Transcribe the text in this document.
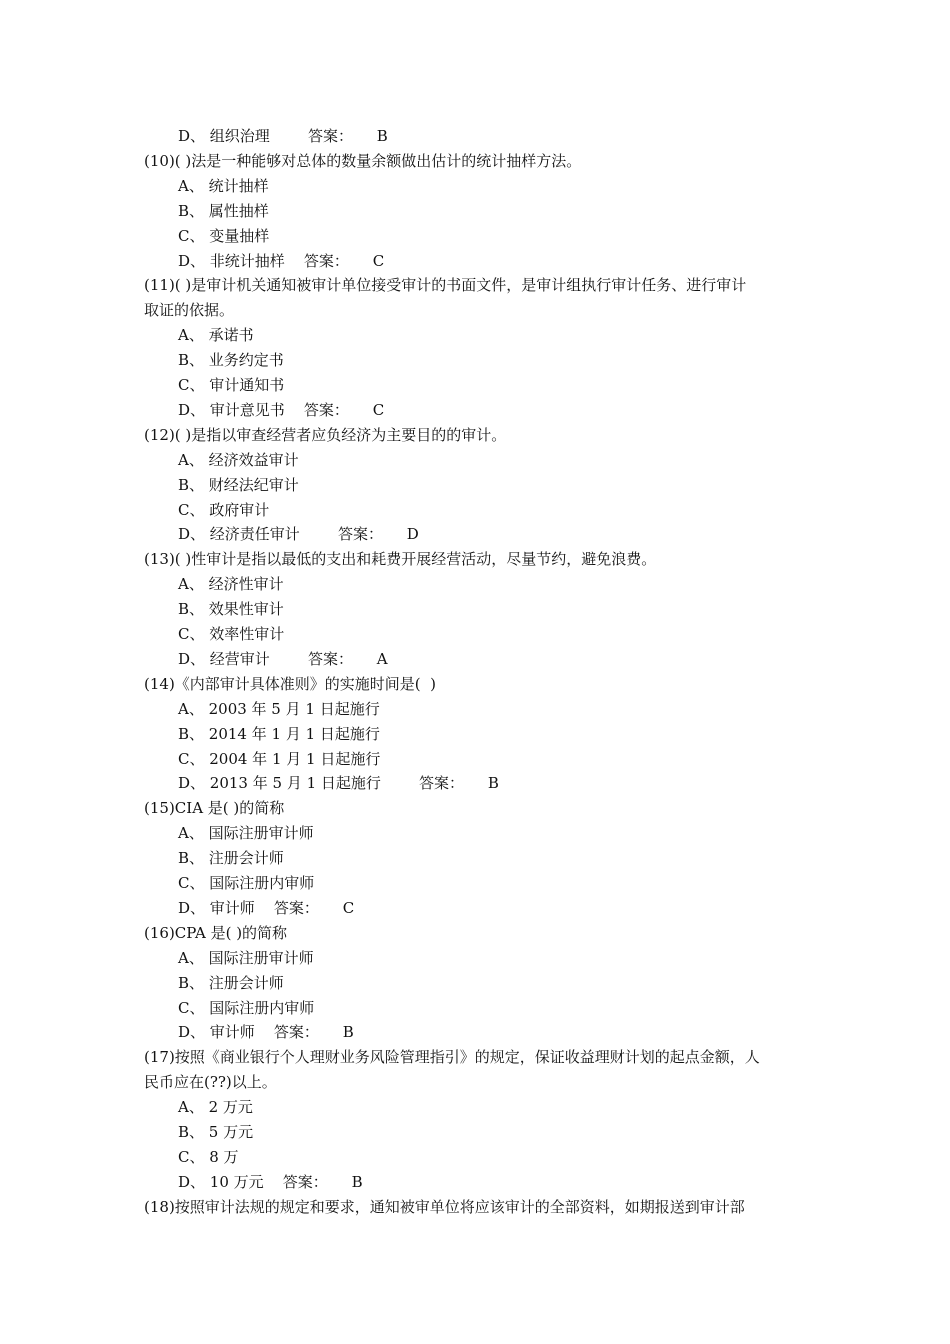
D、 组织治理        答案：     B
(10)( )法是一种能够对总体的数量余额做出估计的统计抽样方法。
A、 统计抽样
B、 属性抽样
C、 变量抽样
D、 非统计抽样    答案：     C
(11)( )是审计机关通知被审计单位接受审计的书面文件，是审计组执行审计任务、进行审计
取证的依据。
A、 承诺书
B、 业务约定书
C、 审计通知书
D、 审计意见书    答案：     C
(12)( )是指以审查经营者应负经济为主要目的的审计。
A、 经济效益审计
B、 财经法纪审计
C、 政府审计
D、 经济责任审计        答案：     D
(13)( )性审计是指以最低的支出和耗费开展经营活动，尽量节约，避免浪费。
A、 经济性审计
B、 效果性审计
C、 效率性审计
D、 经营审计        答案：     A
(14)《内部审计具体准则》的实施时间是(  )
A、 2003 年 5 月 1 日起施行
B、 2014 年 1 月 1 日起施行
C、 2004 年 1 月 1 日起施行
D、 2013 年 5 月 1 日起施行        答案：     B
(15)CIA 是( )的简称
A、 国际注册审计师
B、 注册会计师
C、 国际注册内审师
D、 审计师    答案：     C
(16)CPA 是( )的简称
A、 国际注册审计师
B、 注册会计师
C、 国际注册内审师
D、 审计师    答案：     B
(17)按照《商业银行个人理财业务风险管理指引》的规定，保证收益理财计划的起点金额，人
民币应在(??)以上。
A、 2 万元
B、 5 万元
C、 8 万
D、 10 万元    答案：     B
(18)按照审计法规的规定和要求，通知被审单位将应该审计的全部资料，如期报送到审计部
